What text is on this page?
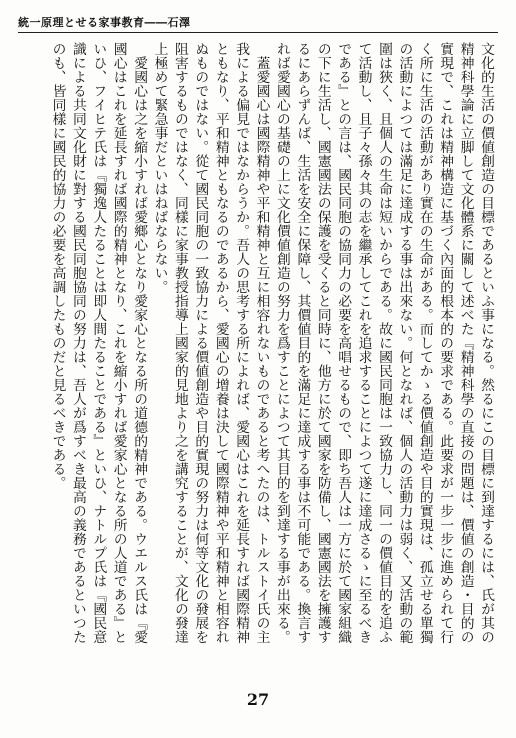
統一原理とせる家事教育――石澤

文化的生活の價値創造の目標であるといふ事になる。然るにこの目標に到達するには、氏が其の精神科學論に立脚して文化體系に關して述べた『精神科學の直接の問題は、價値の創造・目的の實現で、これは精神構造に基づく內面的根本的の要求である。此要求が一步一步に進められて行く所に生活の活動があり實在の生命がある。而してかゝる價値創造や目的實現は、孤立せる單獨の活動によつては滿足に達成する事は出來ない。何となれば、個人の活動力は弱く、又活動の範圍は狹く、且個人の生命は短いからである。故に國民同胞は一致協力し、同一の價値目的を追ふて活動し、且子々孫々其の志を繼承してこれを追求することによつて遂に達成さるゝに至るべきである』との言は、國民同胞の協同力の必要を高唱せるもので、即ち吾人は一方に於て國家組織の下に生活し、國憲國法の保護を受くると同時に、他方に於て國家を防備し、國憲國法を擁護するにあらずんば、生活を安全に保障し、其價値目的を滿足に達成する事は不可能である。換言すれば愛國心の基礎の上に文化價値創造の努力を爲すことによつて其目的を到達する事が出來る。

蓋愛國心は國際精神や平和精神と互に相容れないものであると考へたのは、トルストイ氏の主我による偏見ではなからうか。吾人の思考する所によれば、愛國心はこれを延長すれば國際精神ともなり、平和精神ともなるのであるから、愛國心の增養は決して國際精神や平和精神と相容れぬものではない。從て國民同胞の一致協力による價値創造や目的實現の努力は何等文化の發展を阻害するものではなく、同樣に家事教授指導上國家的見地より之を講究することが、文化の發達上極めて緊急事だといはねばならない。

愛國心は之を縮小すれば愛鄉心となり愛家心となる所の道德的精神である。ウエルス氏は『愛國心はこれを延長すれば國際的精神となり、これを縮小すれば愛家心となる所の人道である』といひ、フイヒテ氏は『獨逸人たることは即人間たることである』といひ、ナトルプ氏は『國民意識による共同文化財に對する國民同胞協同の努力は、吾人が爲すべき最高の義務であるといつたのも、皆同樣に國民的協力の必要を高調したものだと見るべきである。

27
